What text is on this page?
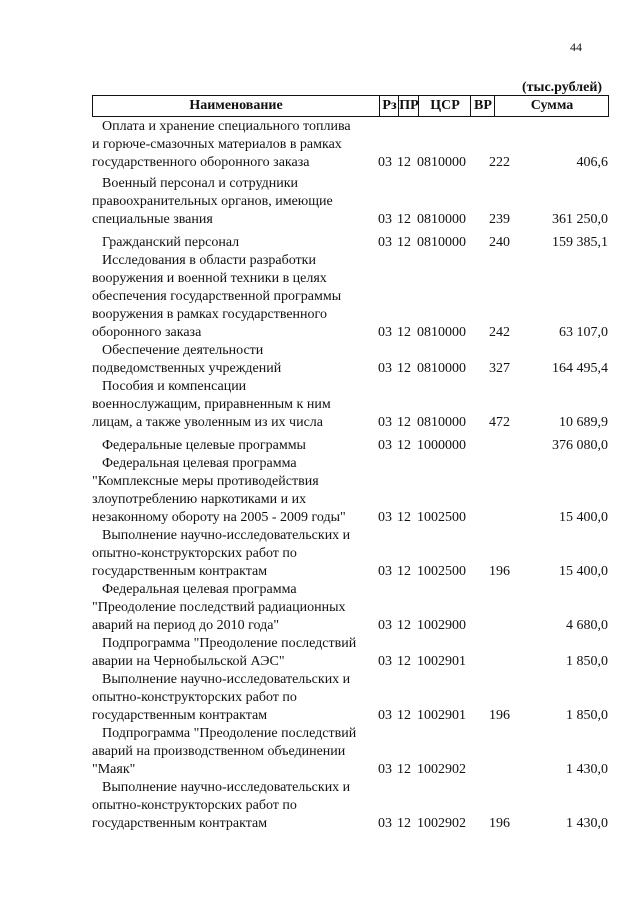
44
(тыс.рублей)
Наименование	Рз ПР ЦСР	ВР	Сумма
Оплата и хранение специального топлива
и горюче-смазочных материалов в рамках
государственного оборонного заказа	03 12 0810000 222	406,6
Военный персонал и сотрудники
правоохранительных органов, имеющие
специальные звания	03 12 0810000 239	361 250,0
Гражданский персонал	03 12 0810000 240	159 385,1
Исследования в области разработки
вооружения и военной техники в целях
обеспечения государственной программы
вооружения в рамках государственного
оборонного заказа	03 12 0810000 242	63 107,0
Обеспечение деятельности
подведомственных учреждений	03 12 0810000 327	164 495,4
Пособия и компенсации
военнослужащим, приравненным к ним
лицам, а также уволенным из их числа	03 12 0810000 472	10 689,9
Федеральные целевые программы	03 12 1000000	376 080,0
Федеральная целевая программа
"Комплексные меры противодействия
злоупотреблению наркотиками и их
незаконному обороту на 2005 - 2009 годы"	03 12 1002500	15 400,0
Выполнение научно-исследовательских и
опытно-конструкторских работ по
государственным контрактам	03 12 1002500 196	15 400,0
Федеральная целевая программа
"Преодоление последствий радиационных
аварий на период до 2010 года"	03 12 1002900	4 680,0
Подпрограмма "Преодоление последствий
аварии на Чернобыльской АЭС"	03 12 1002901	1 850,0
Выполнение научно-исследовательских и
опытно-конструкторских работ по
государственным контрактам	03 12 1002901 196	1 850,0
Подпрограмма "Преодоление последствий
аварий на производственном объединении
"Маяк"	03 12 1002902	1 430,0
Выполнение научно-исследовательских и
опытно-конструкторских работ по
государственным контрактам	03 12 1002902 196	1 430,0
